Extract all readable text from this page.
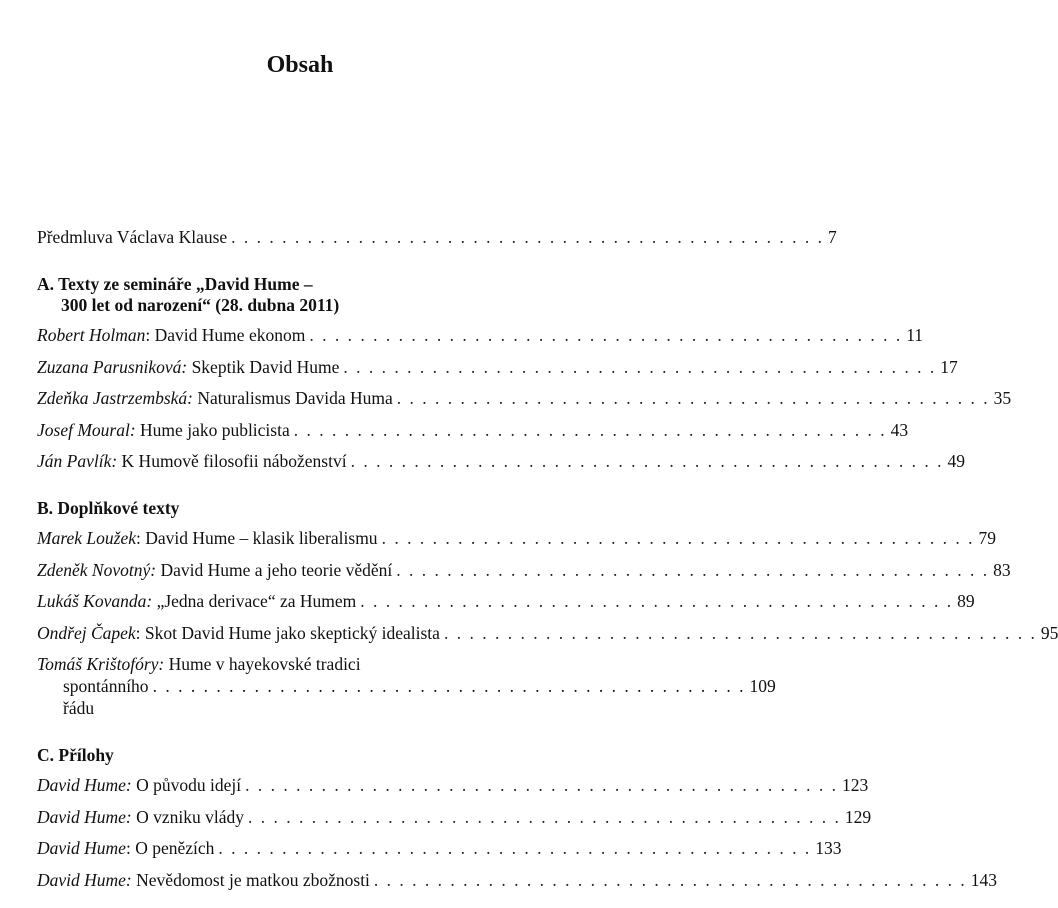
Obsah
Předmluva Václava Klause . . . . . . . . . . . . . . . . . . . . . . . . . . . . . . . . . . . . . . . . . . . . . . . 7
A. Texty ze semináře „David Hume –
300 let od narození“ (28. dubna 2011)
Robert Holman: David Hume ekonom . . . . . . . . . . . . . . . . . . . . . . . . . . . . . . . . . . . . . . . . . . . . . . . 11
Zuzana Parusniková: Skeptik David Hume . . . . . . . . . . . . . . . . . . . . . . . . . . . . . . . . . . . . . . . . . . . . . . . 17
Zdeňka Jastrzembská: Naturalismus Davida Huma . . . . . . . . . . . . . . . . . . . . . . . . . . . . . . . . . . . . . . . . . . . . . . . 35
Josef Moural: Hume jako publicista . . . . . . . . . . . . . . . . . . . . . . . . . . . . . . . . . . . . . . . . . . . . . . . 43
Ján Pavlík: K Humově filosofii náboženství . . . . . . . . . . . . . . . . . . . . . . . . . . . . . . . . . . . . . . . . . . . . . . . 49
B. Doplňkové texty
Marek Loužek: David Hume – klasik liberalismu . . . . . . . . . . . . . . . . . . . . . . . . . . . . . . . . . . . . . . . . . . . . . . . 79
Zdeněk Novotný: David Hume a jeho teorie vědění . . . . . . . . . . . . . . . . . . . . . . . . . . . . . . . . . . . . . . . . . . . . . . . 83
Lukáš Kovanda: „Jedna derivace“ za Humem . . . . . . . . . . . . . . . . . . . . . . . . . . . . . . . . . . . . . . . . . . . . . . . 89
Ondřej Čapek: Skot David Hume jako skeptický idealista . . . . . . . . . . . . . . . . . . . . . . . . . . . . . . . . . . . . . . . . . . . . . . . 95
Tomáš Krištofóry: Hume v hayekovské tradici
spontánního řádu
. . . . . . . . . . . . . . . . . . . . . . . . . . . . . . . . . . . . . . . . . . . . . . . 109
C. Přílohy
David Hume: O původu idejí . . . . . . . . . . . . . . . . . . . . . . . . . . . . . . . . . . . . . . . . . . . . . . . 123
David Hume: O vzniku vlády . . . . . . . . . . . . . . . . . . . . . . . . . . . . . . . . . . . . . . . . . . . . . . . 129
David Hume: O penězích . . . . . . . . . . . . . . . . . . . . . . . . . . . . . . . . . . . . . . . . . . . . . . . 133
David Hume: Nevědomost je matkou zbožnosti . . . . . . . . . . . . . . . . . . . . . . . . . . . . . . . . . . . . . . . . . . . . . . . 143
